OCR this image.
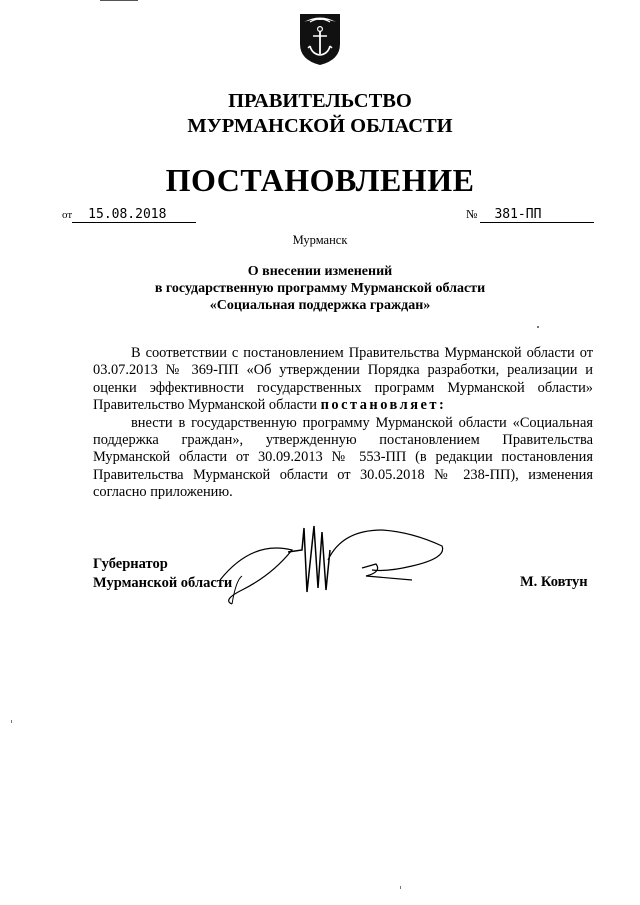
ПРАВИТЕЛЬСТВО
МУРМАНСКОЙ ОБЛАСТИ
ПОСТАНОВЛЕНИЕ
от 15.08.2018	№ 381-ПП
Мурманск
О внесении изменений
в государственную программу Мурманской области
«Социальная поддержка граждан»

В соответствии с постановлением Правительства Мурманской области от 03.07.2013 № 369-ПП «Об утверждении Порядка разработки, реализации и оценки эффективности государственных программ Мурманской области» Правительство Мурманской области постановляет:

внести в государственную программу Мурманской области «Социальная поддержка граждан», утвержденную постановлением Правительства Мурманской области от 30.09.2013 № 553-ПП (в редакции постановления Правительства Мурманской области от 30.05.2018 № 238-ПП), изменения согласно приложению.

Губернатор
Мурманской области	М. Ковтун
